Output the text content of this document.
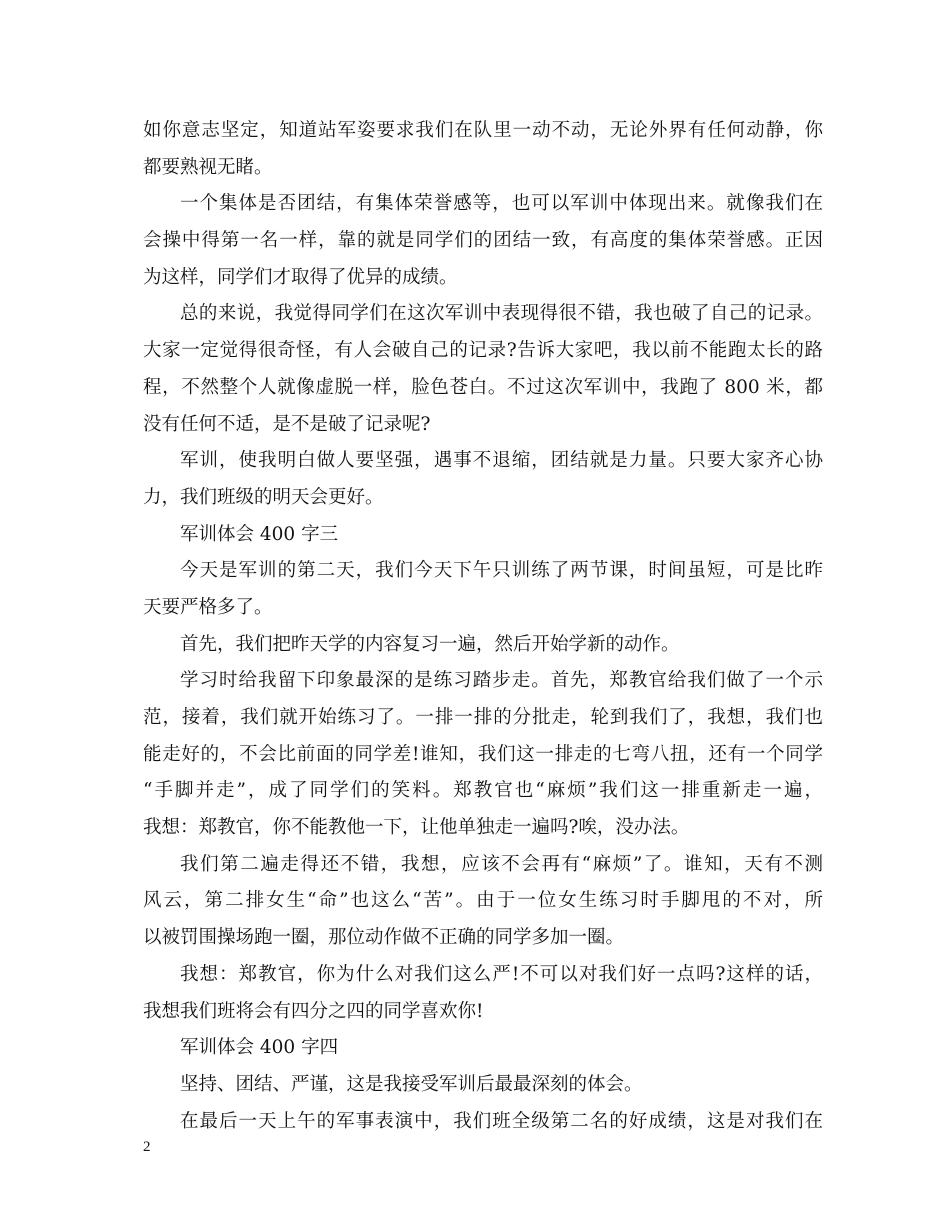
如你意志坚定，知道站军姿要求我们在队里一动不动，无论外界有任何动静，你
都要熟视无睹。
一个集体是否团结，有集体荣誉感等，也可以军训中体现出来。就像我们在
会操中得第一名一样，靠的就是同学们的团结一致，有高度的集体荣誉感。正因
为这样，同学们才取得了优异的成绩。
总的来说，我觉得同学们在这次军训中表现得很不错，我也破了自己的记录。
大家一定觉得很奇怪，有人会破自己的记录?告诉大家吧，我以前不能跑太长的路
程，不然整个人就像虚脱一样，脸色苍白。不过这次军训中，我跑了 800 米，都
没有任何不适，是不是破了记录呢?
军训，使我明白做人要坚强，遇事不退缩，团结就是力量。只要大家齐心协
力，我们班级的明天会更好。
军训体会 400 字三
今天是军训的第二天，我们今天下午只训练了两节课，时间虽短，可是比昨
天要严格多了。
首先，我们把昨天学的内容复习一遍，然后开始学新的动作。
学习时给我留下印象最深的是练习踏步走。首先，郑教官给我们做了一个示
范，接着，我们就开始练习了。一排一排的分批走，轮到我们了，我想，我们也
能走好的，不会比前面的同学差!谁知，我们这一排走的七弯八扭，还有一个同学
“手脚并走”，成了同学们的笑料。郑教官也“麻烦”我们这一排重新走一遍，
我想：郑教官，你不能教他一下，让他单独走一遍吗?唉，没办法。
我们第二遍走得还不错，我想，应该不会再有“麻烦”了。谁知，天有不测
风云，第二排女生“命”也这么“苦”。由于一位女生练习时手脚甩的不对，所
以被罚围操场跑一圈，那位动作做不正确的同学多加一圈。
我想：郑教官，你为什么对我们这么严!不可以对我们好一点吗?这样的话，
我想我们班将会有四分之四的同学喜欢你!
军训体会 400 字四
坚持、团结、严谨，这是我接受军训后最最深刻的体会。
在最后一天上午的军事表演中，我们班全级第二名的好成绩，这是对我们在
2
